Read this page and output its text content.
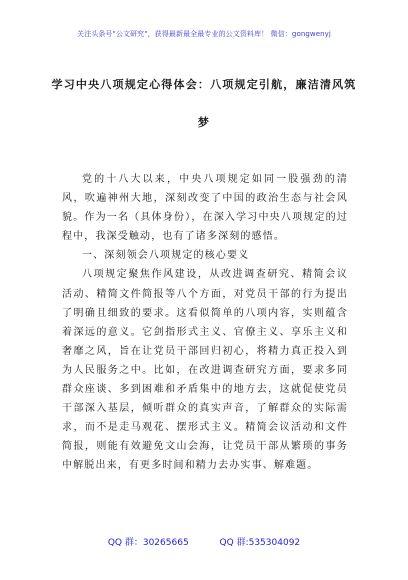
关注头条号"公文研究"，获得最新最全最专业的公文资料库！ 微信：gongwenyj
学习中央八项规定心得体会：八项规定引航，廉洁清风筑
梦

党的十八大以来，中央八项规定如同一股强劲的清风，吹遍神州大地，深刻改变了中国的政治生态与社会风貌。作为一名（具体身份），在深入学习中央八项规定的过程中，我深受触动，也有了诸多深刻的感悟。

一、深刻领会八项规定的核心要义

八项规定聚焦作风建设，从改进调查研究、精简会议活动、精简文件简报等八个方面，对党员干部的行为提出了明确且细致的要求。这看似简单的八项内容，实则蕴含着深远的意义。它剑指形式主义、官僚主义、享乐主义和奢靡之风，旨在让党员干部回归初心，将精力真正投入到为人民服务之中。比如，在改进调查研究方面，要求多同群众座谈、多到困难和矛盾集中的地方去，这就促使党员干部深入基层，倾听群众的真实声音，了解群众的实际需求，而不是走马观花、摆形式主义。精简会议活动和文件简报，则能有效避免文山会海，让党员干部从繁琐的事务中解脱出来，有更多时间和精力去办实事、解难题。

QQ 群：30265665	QQ 群:535304092
